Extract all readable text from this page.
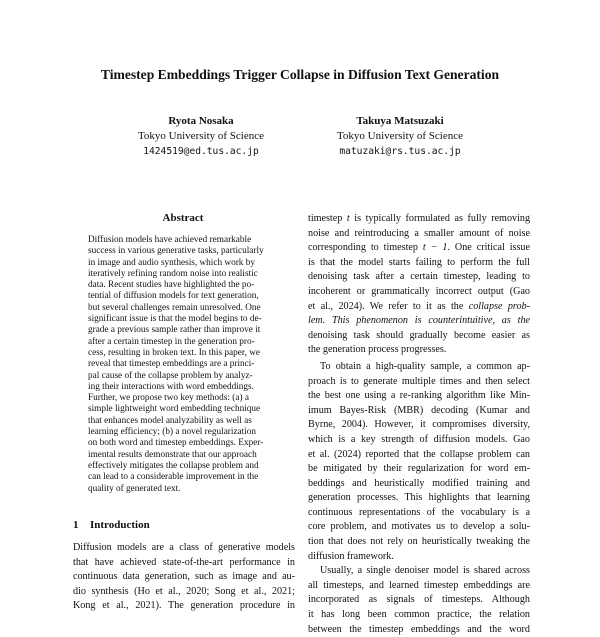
Timestep Embeddings Trigger Collapse in Diffusion Text Generation
Ryota Nosaka
Tokyo University of Science
1424519@ed.tus.ac.jp
Takuya Matsuzaki
Tokyo University of Science
matuzaki@rs.tus.ac.jp
Abstract
Diffusion models have achieved remarkable
success in various generative tasks, particularly
in image and audio synthesis, which work by
iteratively refining random noise into realistic
data. Recent studies have highlighted the po-
tential of diffusion models for text generation,
but several challenges remain unresolved. One
significant issue is that the model begins to de-
grade a previous sample rather than improve it
after a certain timestep in the generation pro-
cess, resulting in broken text. In this paper, we
reveal that timestep embeddings are a princi-
pal cause of the collapse problem by analyz-
ing their interactions with word embeddings.
Further, we propose two key methods: (a) a
simple lightweight word embedding technique
that enhances model analyzability as well as
learning efficiency; (b) a novel regularization
on both word and timestep embeddings. Exper-
imental results demonstrate that our approach
effectively mitigates the collapse problem and
can lead to a considerable improvement in the
quality of generated text.
1 Introduction
Diffusion models are a class of generative models
that have achieved state-of-the-art performance in
continuous data generation, such as image and au-
dio synthesis (Ho et al., 2020; Song et al., 2021;
Kong et al., 2021). The generation procedure in
timestep t is typically formulated as fully removing
noise and reintroducing a smaller amount of noise
corresponding to timestep t − 1. One critical issue
is that the model starts failing to perform the full
denoising task after a certain timestep, leading to
incoherent or grammatically incorrect output (Gao
et al., 2024). We refer to it as the collapse prob-
lem. This phenomenon is counterintuitive, as the
denoising task should gradually become easier as
the generation process progresses.
To obtain a high-quality sample, a common ap-
proach is to generate multiple times and then select
the best one using a re-ranking algorithm like Min-
imum Bayes-Risk (MBR) decoding (Kumar and
Byrne, 2004). However, it compromises diversity,
which is a key strength of diffusion models. Gao
et al. (2024) reported that the collapse problem can
be mitigated by their regularization for word em-
beddings and heuristically modified training and
generation processes. This highlights that learning
continuous representations of the vocabulary is a
core problem, and motivates us to develop a solu-
tion that does not rely on heuristically tweaking the
diffusion framework.
Usually, a single denoiser model is shared across
all timesteps, and learned timestep embeddings are
incorporated as signals of timesteps. Although
it has long been common practice, the relation
between the timestep embeddings and the word
